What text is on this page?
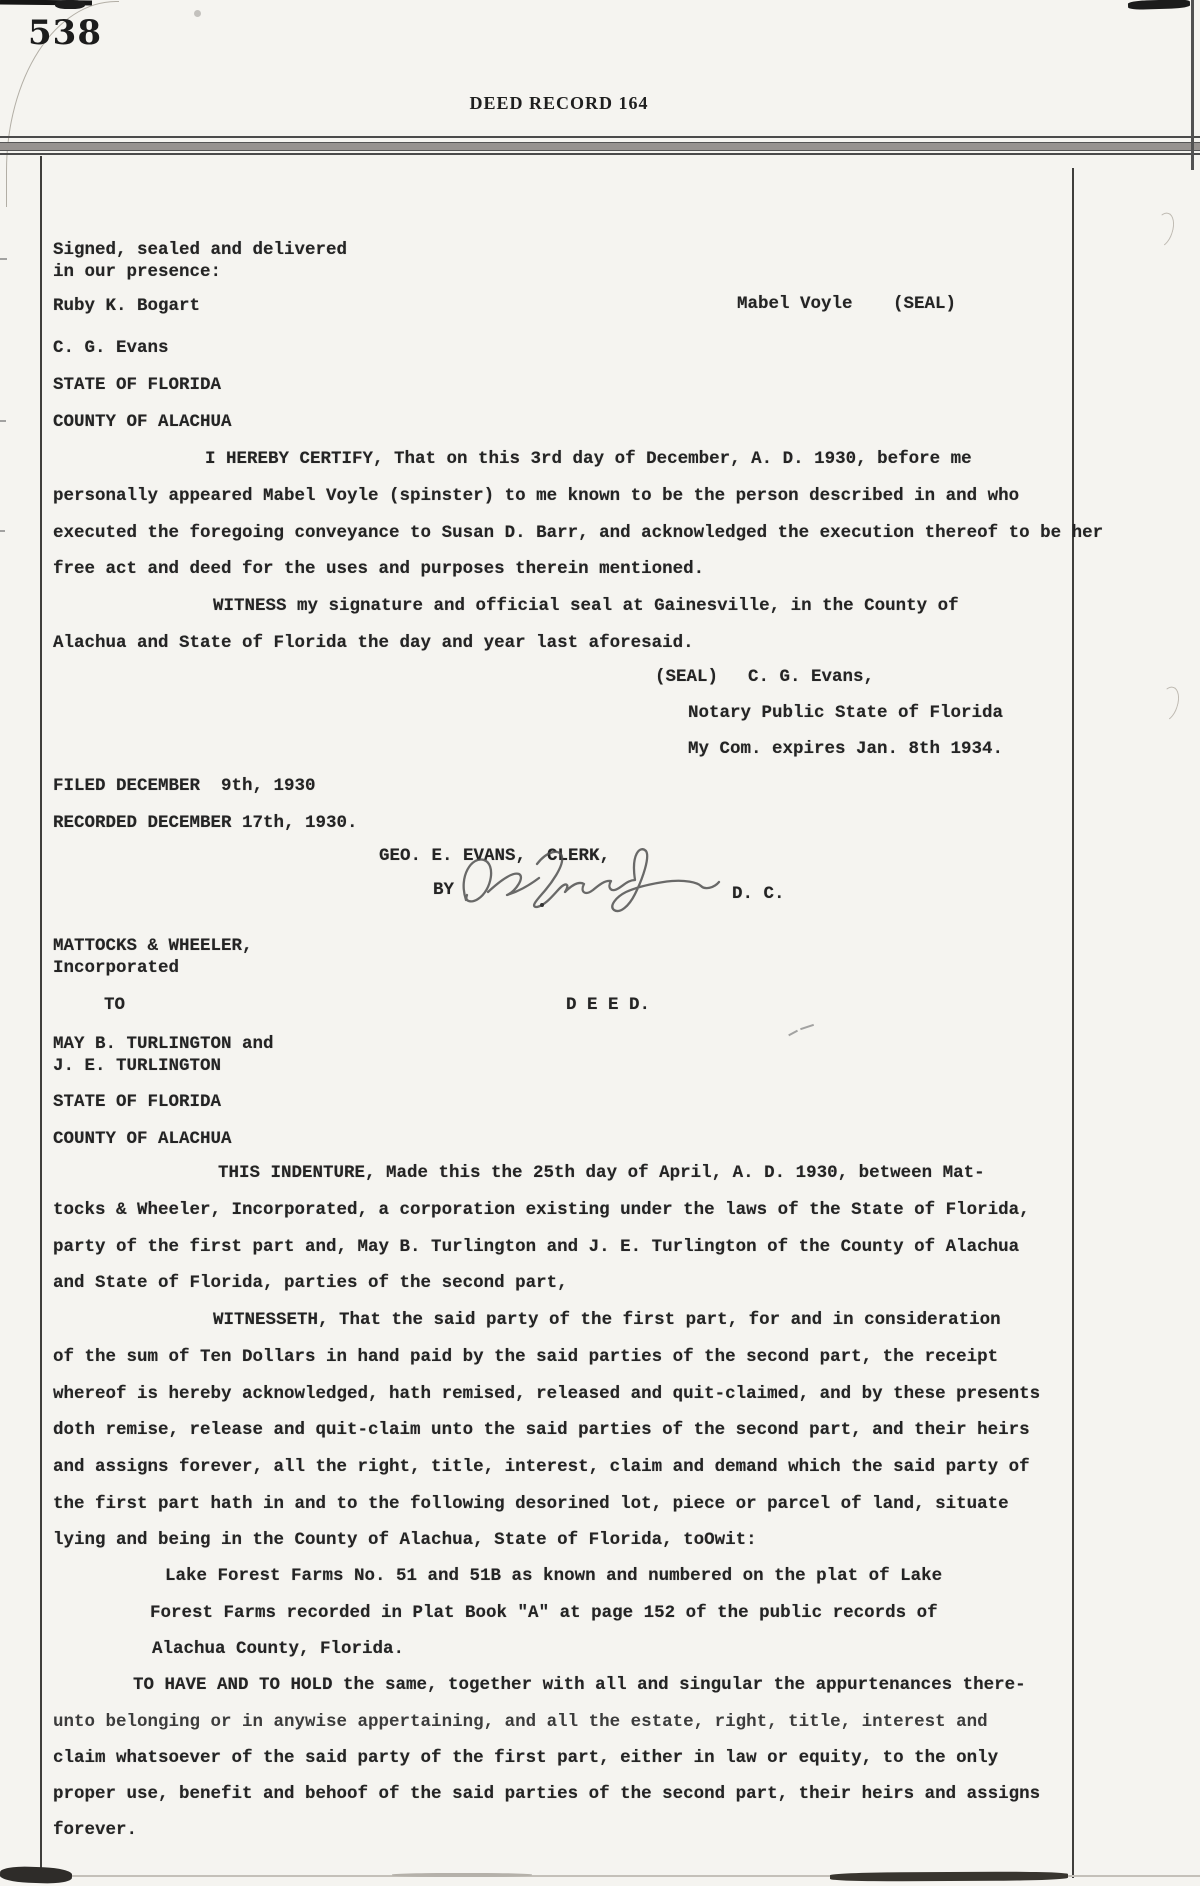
538
DEED RECORD 164
Signed, sealed and delivered
in our presence:
Ruby K. Bogart	Mabel Voyle (SEAL)
C. G. Evans
STATE OF FLORIDA
COUNTY OF ALACHUA
I HEREBY CERTIFY, That on this 3rd day of December, A. D. 1930, before me
personally appeared Mabel Voyle (spinster) to me known to be the person described in and who
executed the foregoing conveyance to Susan D. Barr, and acknowledged the execution thereof to be her
free act and deed for the uses and purposes therein mentioned.
WITNESS my signature and official seal at Gainesville, in the County of
Alachua and State of Florida the day and year last aforesaid.
(SEAL) C. G. Evans,
Notary Public State of Florida
My Com. expires Jan. 8th 1934.
FILED DECEMBER  9th, 1930
RECORDED DECEMBER 17th, 1930.
GEO. E. EVANS,  CLERK,
BY	D. C.
MATTOCKS & WHEELER,
Incorporated
TO	D E E D.
MAY B. TURLINGTON and
J. E. TURLINGTON
STATE OF FLORIDA
COUNTY OF ALACHUA
THIS INDENTURE, Made this the 25th day of April, A. D. 1930, between Mat-
tocks & Wheeler, Incorporated, a corporation existing under the laws of the State of Florida,
party of the first part and, May B. Turlington and J. E. Turlington of the County of Alachua
and State of Florida, parties of the second part,
WITNESSETH, That the said party of the first part, for and in consideration
of the sum of Ten Dollars in hand paid by the said parties of the second part, the receipt
whereof is hereby acknowledged, hath remised, released and quit-claimed, and by these presents
doth remise, release and quit-claim unto the said parties of the second part, and their heirs
and assigns forever, all the right, title, interest, claim and demand which the said party of
the first part hath in and to the following desorined lot, piece or parcel of land, situate
lying and being in the County of Alachua, State of Florida, toOwit:
Lake Forest Farms No. 51 and 51B as known and numbered on the plat of Lake
Forest Farms recorded in Plat Book "A" at page 152 of the public records of
Alachua County, Florida.
TO HAVE AND TO HOLD the same, together with all and singular the appurtenances there-
unto belonging or in anywise appertaining, and all the estate, right, title, interest and
claim whatsoever of the said party of the first part, either in law or equity, to the only
proper use, benefit and behoof of the said parties of the second part, their heirs and assigns
forever.
